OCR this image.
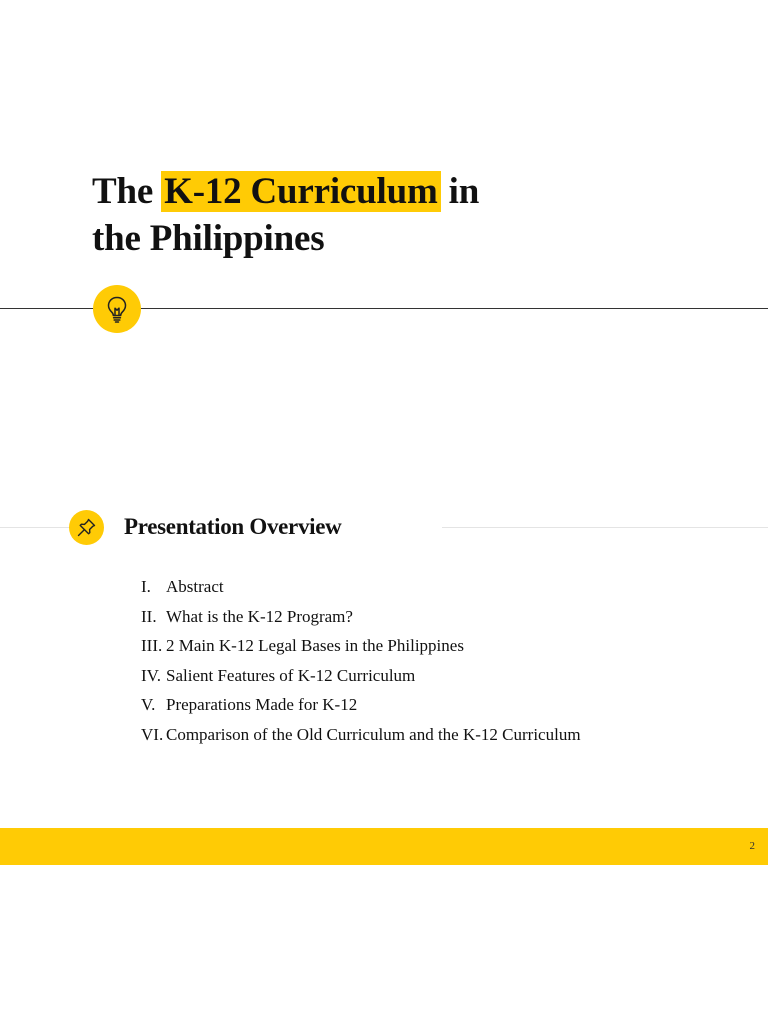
The K-12 Curriculum in
the Philippines
Presentation Overview
I. Abstract
II. What is the K-12 Program?
III. 2 Main K-12 Legal Bases in the Philippines
IV. Salient Features of K-12 Curriculum
V. Preparations Made for K-12
VI. Comparison of the Old Curriculum and the K-12 Curriculum
2
